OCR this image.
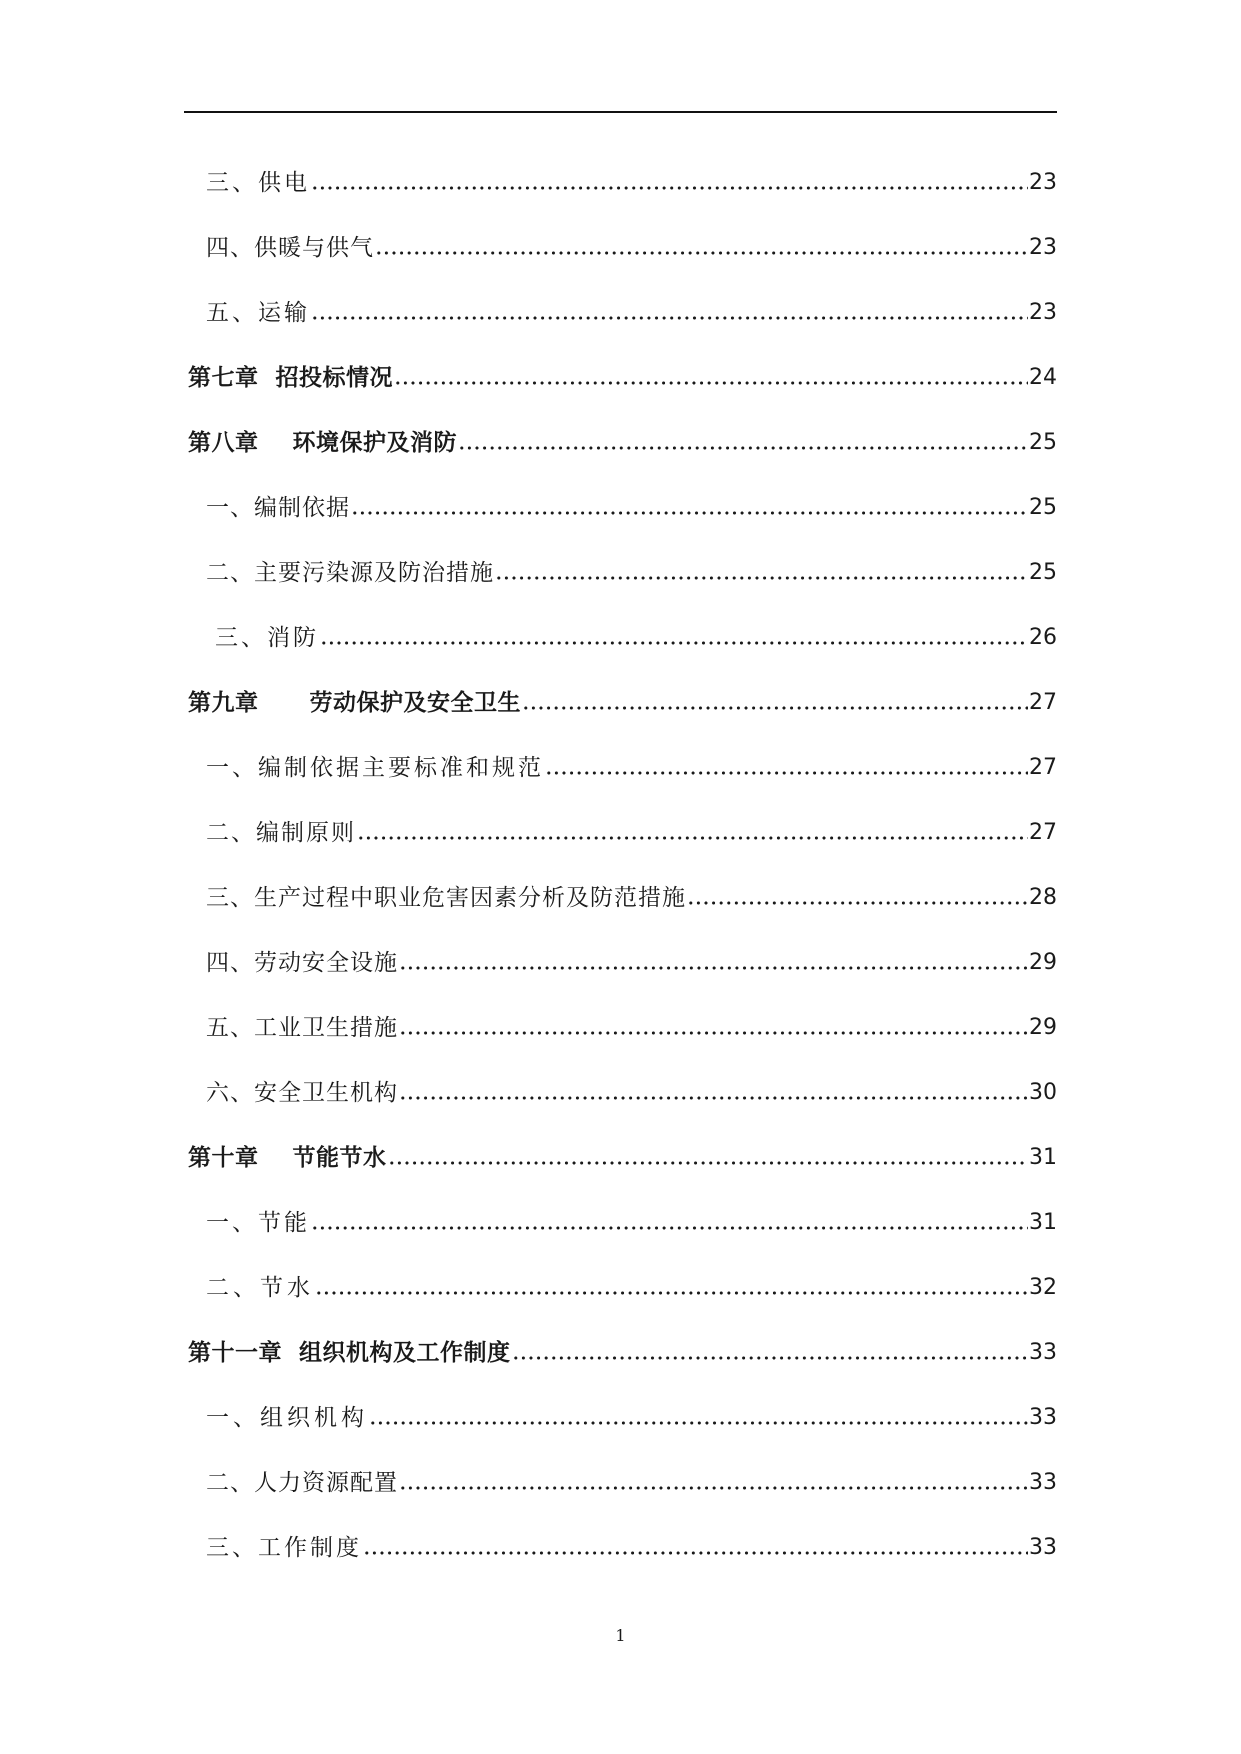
三、供电	23
四、供暖与供气	23
五、运输	23
第七章  招投标情况	24
第八章    环境保护及消防	25
一、编制依据	25
二、主要污染源及防治措施	25
三、消防	26
第九章      劳动保护及安全卫生	27
一、编制依据主要标准和规范	27
二、编制原则	27
三、生产过程中职业危害因素分析及防范措施	28
四、劳动安全设施	29
五、工业卫生措施	29
六、安全卫生机构	30
第十章    节能节水	31
一、节能	31
二、节水	32
第十一章  组织机构及工作制度	33
一、组织机构	33
二、人力资源配置	33
三、工作制度	33
1
